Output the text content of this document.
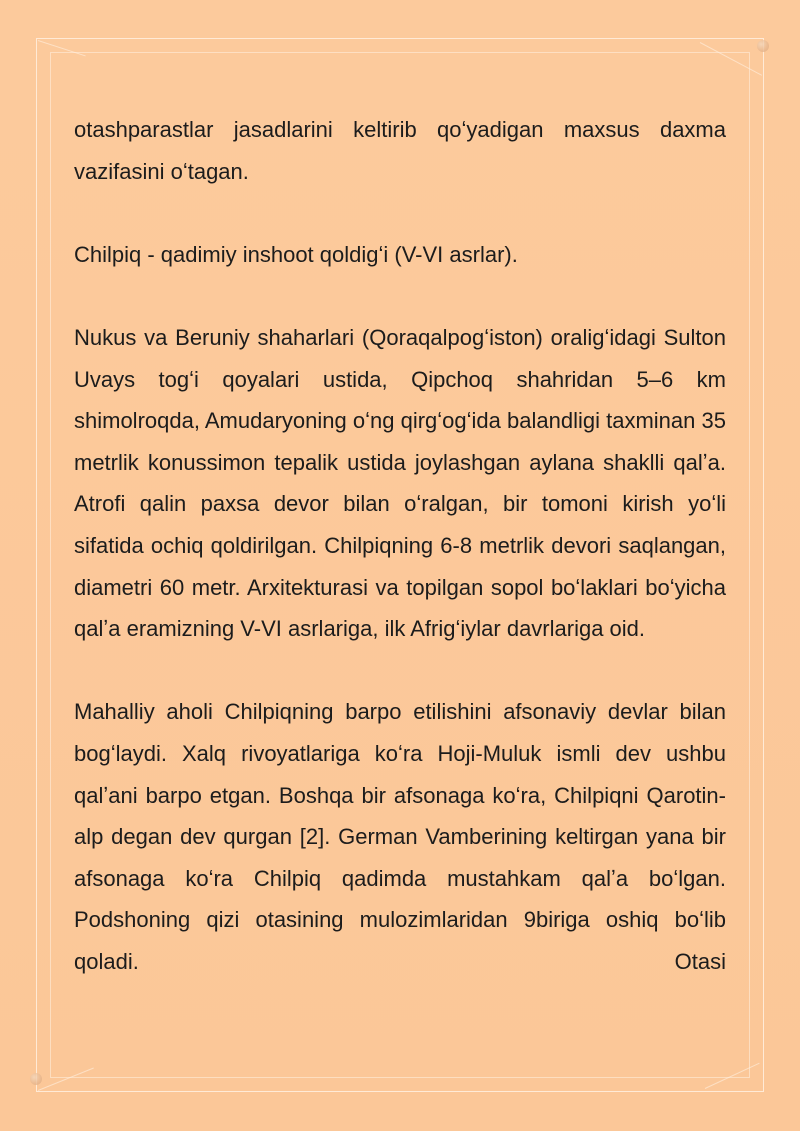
otashparastlar jasadlarini keltirib qoʻyadigan maxsus daxma vazifasini oʻtagan.

Chilpiq - qadimiy inshoot qoldigʻi (V-VI asrlar).

Nukus va Beruniy shaharlari (Qoraqalpogʻiston) oraligʻidagi Sulton Uvays togʻi qoyalari ustida, Qipchoq shahridan 5–6 km shimolroqda, Amudaryoning oʻng qirgʻogʻida balandligi taxminan 35 metrlik konussimon tepalik ustida joylashgan aylana shaklli qalʼa. Atrofi qalin paxsa devor bilan oʻralgan, bir tomoni kirish yoʻli sifatida ochiq qoldirilgan. Chilpiqning 6-8 metrlik devori saqlangan, diametri 60 metr. Arxitekturasi va topilgan sopol boʻlaklari boʻyicha qalʼa eramizning V-VI asrlariga, ilk Afrigʻiylar davrlariga oid.

Mahalliy aholi Chilpiqning barpo etilishini afsonaviy devlar bilan bogʻlaydi. Xalq rivoyatlariga koʻra Hoji-Muluk ismli dev ushbu qalʼani barpo etgan. Boshqa bir afsonaga koʻra, Chilpiqni Qarotin-alp degan dev qurgan [2]. German Vamberining keltirgan yana bir afsonaga koʻra Chilpiq qadimda mustahkam qalʼa boʻlgan. Podshoning qizi otasining mulozimlaridan 9biriga oshiq boʻlib qoladi. Otasi
